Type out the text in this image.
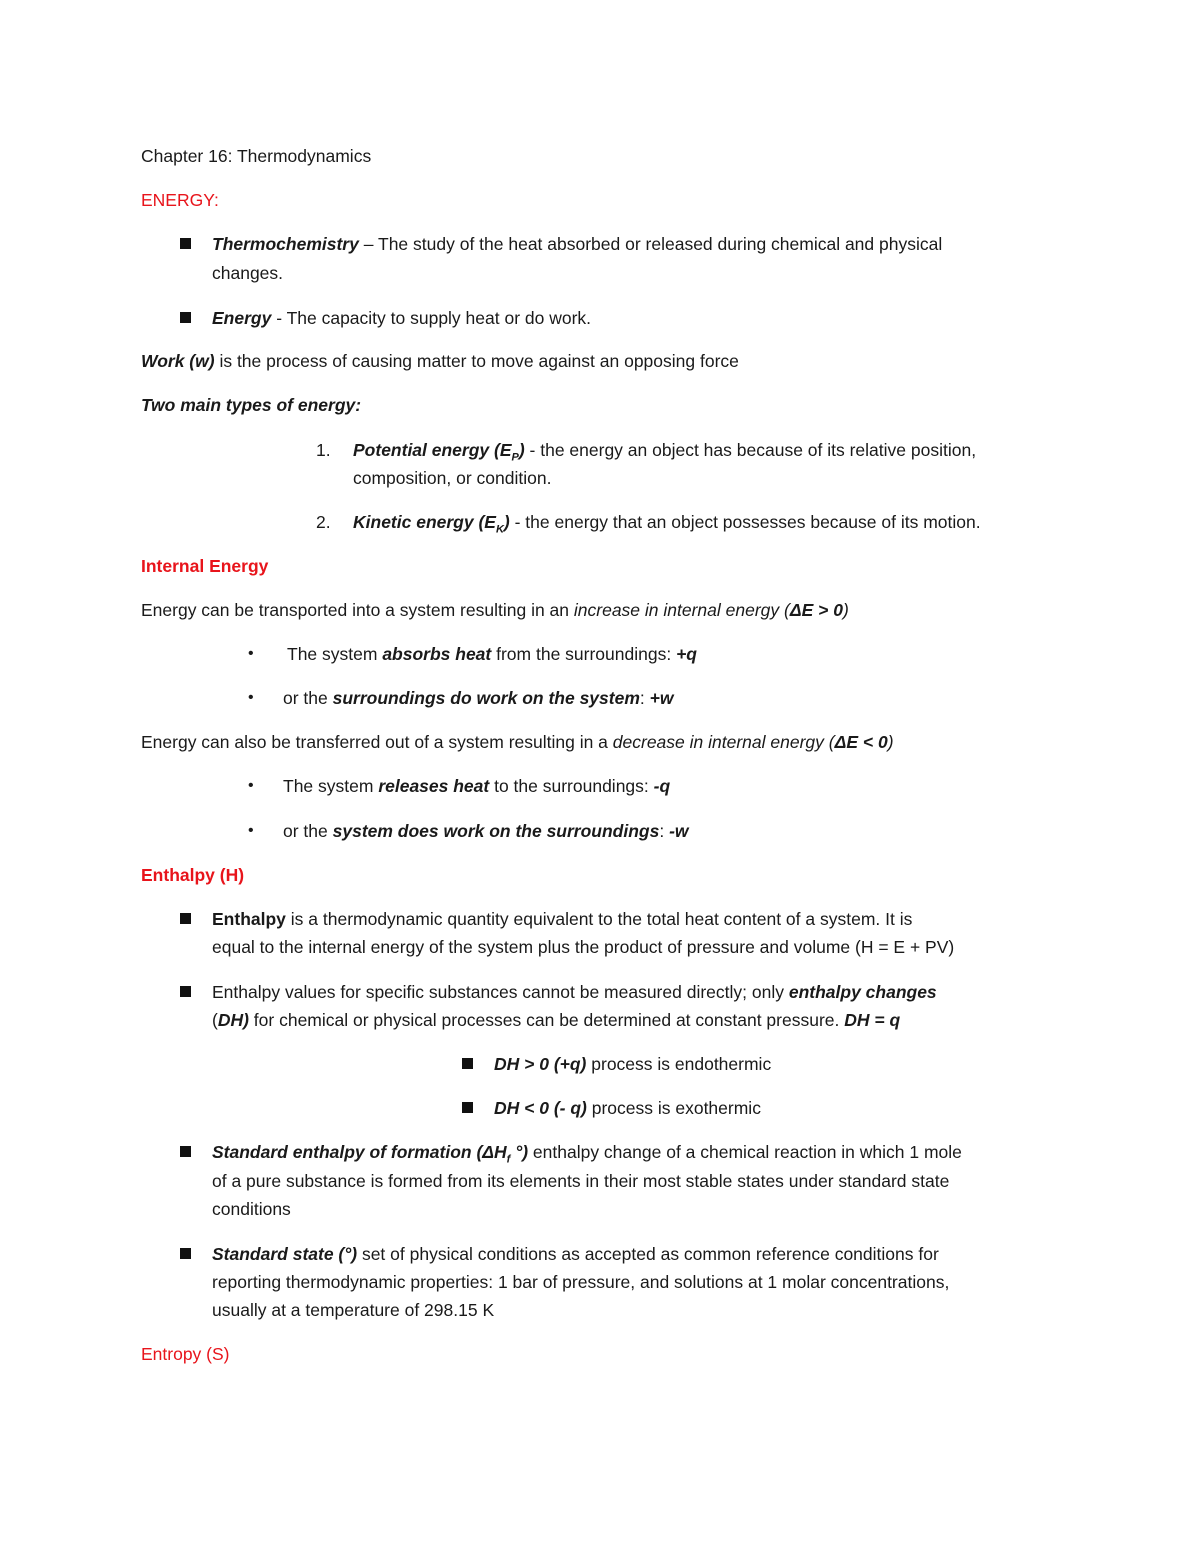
Chapter 16: Thermodynamics
ENERGY:
Thermochemistry – The study of the heat absorbed or released during chemical and physical
changes.
Energy - The capacity to supply heat or do work.
Work (w) is the process of causing matter to move against an opposing force
Two main types of energy:
1. Potential energy $(E_P)$ - the energy an object has because of its relative position,
composition, or condition.
2. Kinetic energy $(E_K)$ - the energy that an object possesses because of its motion.
Internal Energy
Energy can be transported into a system resulting in an increase in internal energy (ΔE > 0)
• The system absorbs heat from the surroundings: +q
• or the surroundings do work on the system: +w
Energy can also be transferred out of a system resulting in a decrease in internal energy (ΔE < 0)
• The system releases heat to the surroundings: -q
• or the system does work on the surroundings: -w
Enthalpy (H)
Enthalpy is a thermodynamic quantity equivalent to the total heat content of a system. It is
equal to the internal energy of the system plus the product of pressure and volume (H = E + PV)
Enthalpy values for specific substances cannot be measured directly; only enthalpy changes
(DH) for chemical or physical processes can be determined at constant pressure. DH = q
DH > 0 (+q) process is endothermic
DH < 0 (- q) process is exothermic
Standard enthalpy of formation ($\Delta H_f$ °) enthalpy change of a chemical reaction in which 1 mole
of a pure substance is formed from its elements in their most stable states under standard state
conditions
Standard state (°) set of physical conditions as accepted as common reference conditions for
reporting thermodynamic properties: 1 bar of pressure, and solutions at 1 molar concentrations,
usually at a temperature of 298.15 K
Entropy (S)
